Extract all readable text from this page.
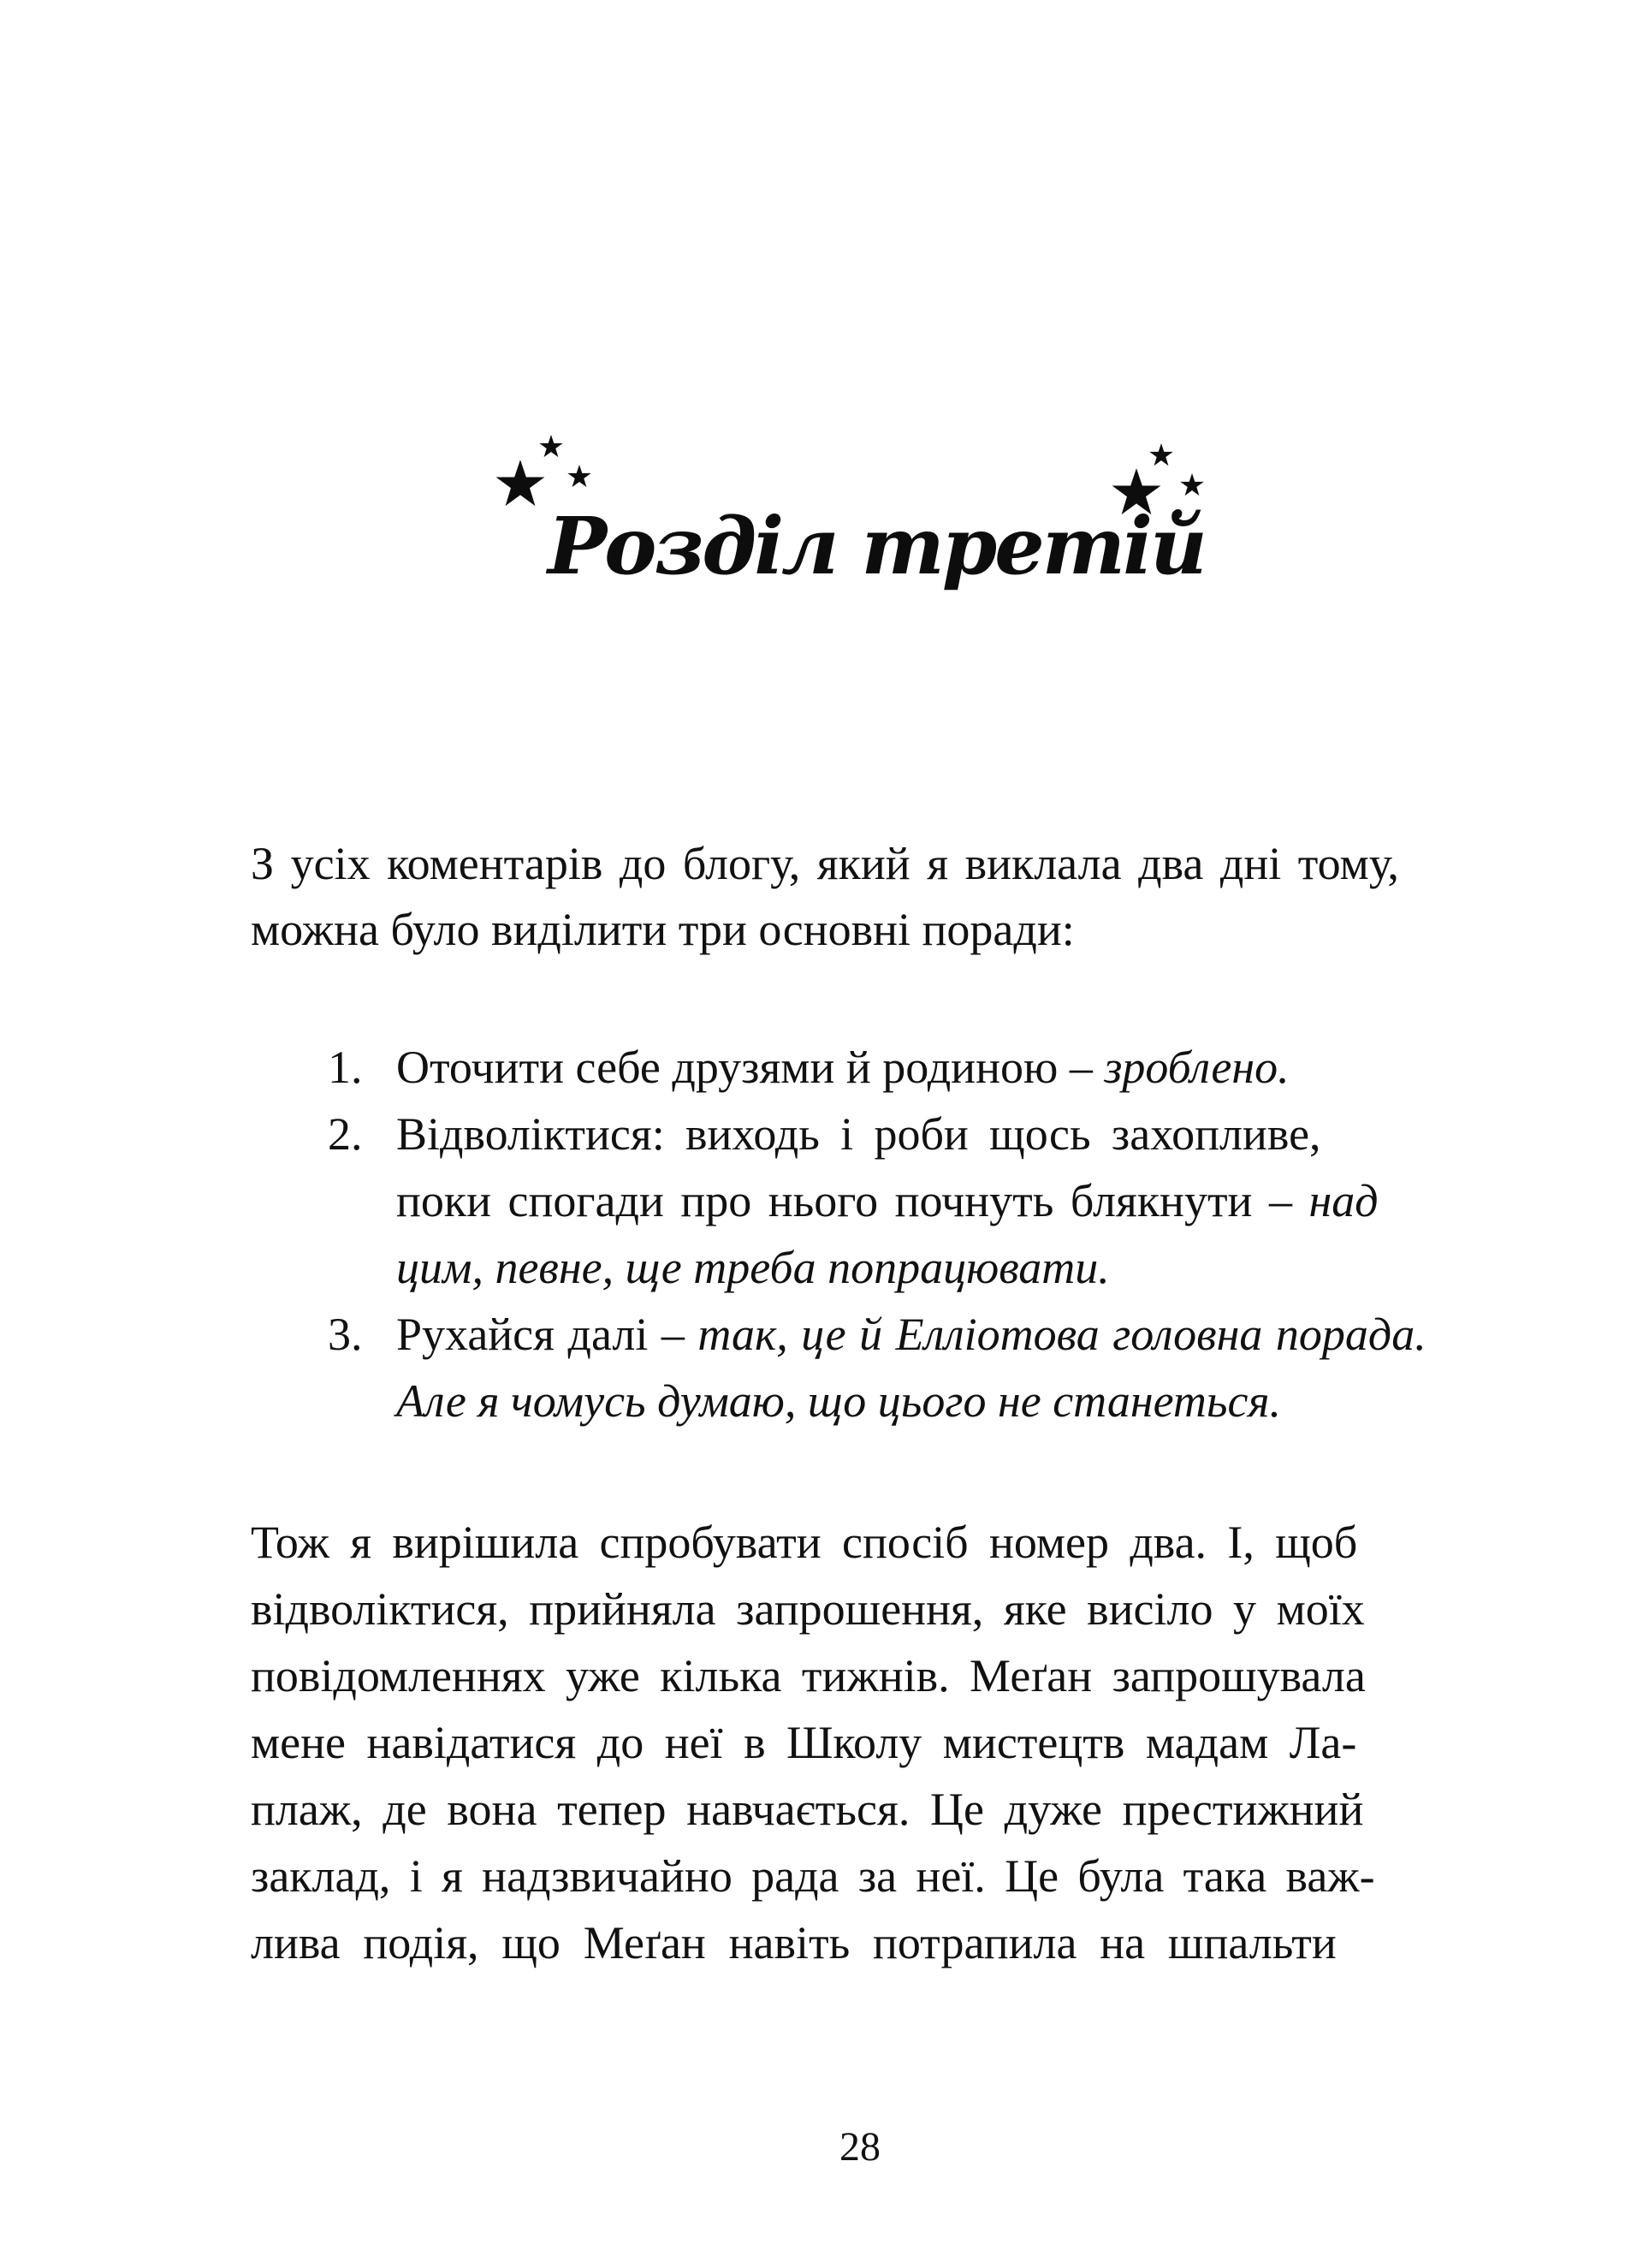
Розділ третій
З усіх коментарів до блогу, який я виклала два дні тому,
можна було виділити три основні поради:
1. Оточити себе друзями й родиною – зроблено.
2. Відволіктися: виходь і роби щось захопливе,
поки спогади про нього почнуть блякнути – над
цим, певне, ще треба попрацювати.
3. Рухайся далі – так, це й Елліотова головна порада.
Але я чомусь думаю, що цього не станеться.
Тож я вирішила спробувати спосіб номер два. І, щоб
відволіктися, прийняла запрошення, яке висіло у моїх
повідомленнях уже кілька тижнів. Меґан запрошувала
мене навідатися до неї в Школу мистецтв мадам Ла-
плаж, де вона тепер навчається. Це дуже престижний
заклад, і я надзвичайно рада за неї. Це була така важ-
лива подія, що Меґан навіть потрапила на шпальти
28
